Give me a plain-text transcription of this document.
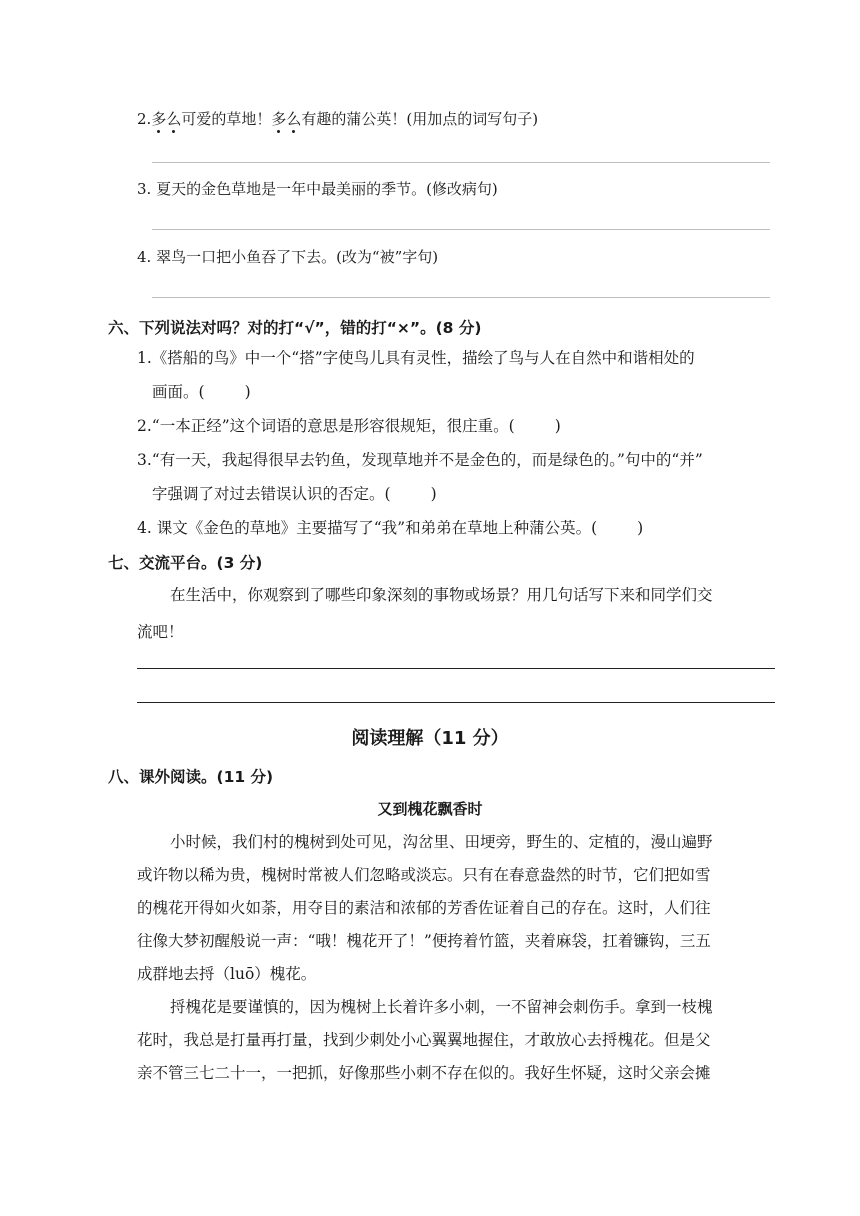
2.多么可爱的草地！多么有趣的蒲公英！(用加点的词写句子)
3. 夏天的金色草地是一年中最美丽的季节。(修改病句)
4. 翠鸟一口把小鱼吞了下去。(改为“被”字句)
六、下列说法对吗？对的打“√”，错的打“×”。(8 分)
1.《搭船的鸟》中一个“搭”字使鸟儿具有灵性，描绘了鸟与人在自然中和谐相处的
画面。(	)
2.“一本正经”这个词语的意思是形容很规矩，很庄重。(	)
3.“有一天，我起得很早去钓鱼，发现草地并不是金色的，而是绿色的。”句中的“并”
字强调了对过去错误认识的否定。(	)
4. 课文《金色的草地》主要描写了“我”和弟弟在草地上种蒲公英。(	)
七、交流平台。(3 分)
在生活中，你观察到了哪些印象深刻的事物或场景？用几句话写下来和同学们交
流吧！
阅读理解（11 分）
八、课外阅读。(11 分)
又到槐花飘香时
小时候，我们村的槐树到处可见，沟岔里、田埂旁，野生的、定植的，漫山遍野
或许物以稀为贵，槐树时常被人们忽略或淡忘。只有在春意盎然的时节，它们把如雪
的槐花开得如火如荼，用夺目的素洁和浓郁的芳香佐证着自己的存在。这时，人们往
往像大梦初醒般说一声：“哦！槐花开了！”便挎着竹篮，夹着麻袋，扛着镰钩，三五
成群地去捋（luō）槐花。
捋槐花是要谨慎的，因为槐树上长着许多小刺，一不留神会刺伤手。拿到一枝槐
花时，我总是打量再打量，找到少刺处小心翼翼地握住，才敢放心去捋槐花。但是父
亲不管三七二十一，一把抓，好像那些小刺不存在似的。我好生怀疑，这时父亲会摊
